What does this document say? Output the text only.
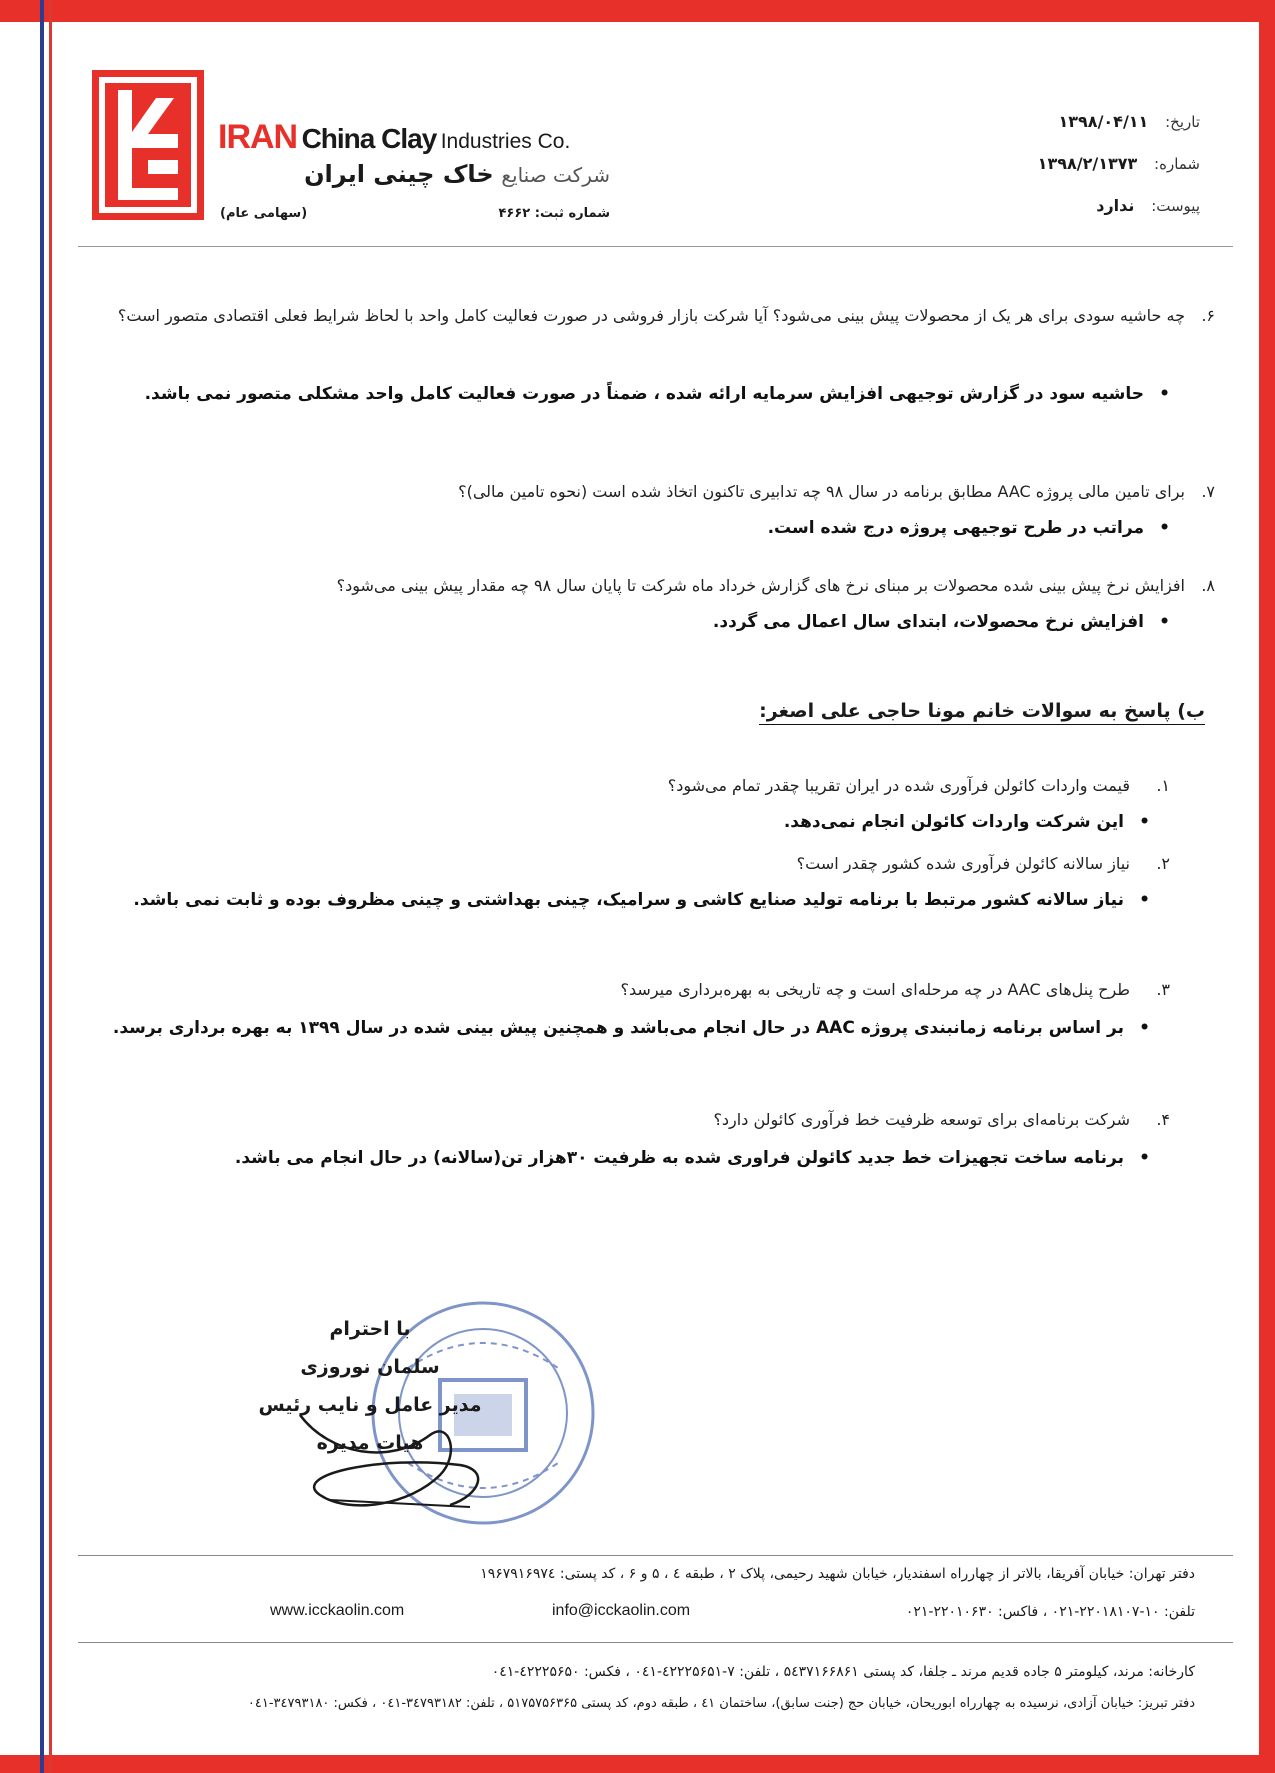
IRAN China Clay Industries Co.
شرکت صنایع خاک چینی ایران
شماره ثبت: ۴۶۶۲
(سهامی عام)
تاریخ: ۱۳۹۸/۰۴/۱۱
شماره: ۱۳۹۸/۲/۱۳۷۳
پیوست: ندارد
۶.
چه حاشیه سودی برای هر یک از محصولات پیش بینی می‌شود؟ آیا شرکت بازار فروشی در صورت فعالیت کامل واحد با لحاظ شرایط فعلی اقتصادی متصور است؟
•
حاشیه سود در گزارش توجیهی افزایش سرمایه ارائه شده ، ضمناً در صورت فعالیت کامل واحد مشکلی متصور نمی باشد.
۷.
برای تامین مالی پروژه AAC مطابق برنامه در سال ۹۸ چه تدابیری تاکنون اتخاذ شده است (نحوه تامین مالی)؟
•
مراتب در طرح توجیهی پروژه درج شده است.
۸.
افزایش نرخ پیش بینی شده محصولات بر مبنای نرخ های گزارش خرداد ماه شرکت تا پایان سال ۹۸ چه مقدار پیش بینی می‌شود؟
•
افزایش نرخ محصولات، ابتدای سال اعمال می گردد.
ب) پاسخ به سوالات خانم مونا حاجی علی اصغر:
۱.
قیمت واردات کائولن فرآوری شده در ایران تقریبا چقدر تمام می‌شود؟
•
این شرکت واردات کائولن انجام نمی‌دهد.
۲.
نیاز سالانه کائولن فرآوری شده کشور چقدر است؟
•
نیاز سالانه کشور مرتبط با برنامه تولید صنایع کاشی و سرامیک، چینی بهداشتی و چینی مظروف بوده و ثابت نمی باشد.
۳.
طرح پنل‌های AAC در چه مرحله‌ای است و چه تاریخی به بهره‌برداری میرسد؟
•
بر اساس برنامه زمانبندی پروژه AAC در حال انجام می‌باشد و همچنین پیش بینی شده در سال ۱۳۹۹ به بهره برداری برسد.
۴.
شرکت برنامه‌ای برای توسعه ظرفیت خط فرآوری کائولن دارد؟
•
برنامه ساخت تجهیزات خط جدید کائولن فراوری شده به ظرفیت ۳۰هزار تن(سالانه) در حال انجام می باشد.
با احترام
سلمان نوروزی
مدیر عامل و نایب رئیس هیات مدیره
دفتر تهران: خیابان آفریقا، بالاتر از چهارراه اسفندیار، خیابان شهید رحیمی، پلاک ۲ ، طبقه ٤ ، ۵ و ۶ ، کد پستی: ۱۹۶۷۹۱۶۹۷٤
تلفن: ۱۰-۲۲۰۱۸۱۰۷-۰۲۱ ، فاکس: ۲۲۰۱۰۶۳۰-۰۲۱
info@icckaolin.com
www.icckaolin.com
کارخانه: مرند، کیلومتر ۵ جاده قدیم مرند ـ جلفا، کد پستی ۵٤۳۷۱۶۶۸۶۱ ، تلفن: ۷-٤۲۲۲۵۶۵۱-۰٤۱ ، فکس: ٤۲۲۲۵۶۵۰-۰٤۱
دفتر تبریز: خیابان آزادی، نرسیده به چهارراه ابوریحان، خیابان حج (جنت سابق)، ساختمان ٤۱ ، طبقه دوم، کد پستی ۵۱۷۵۷۵۶۳۶۵ ، تلفن: ۳٤۷۹۳۱۸۲-۰٤۱ ، فکس: ۳٤۷۹۳۱۸۰-۰٤۱
